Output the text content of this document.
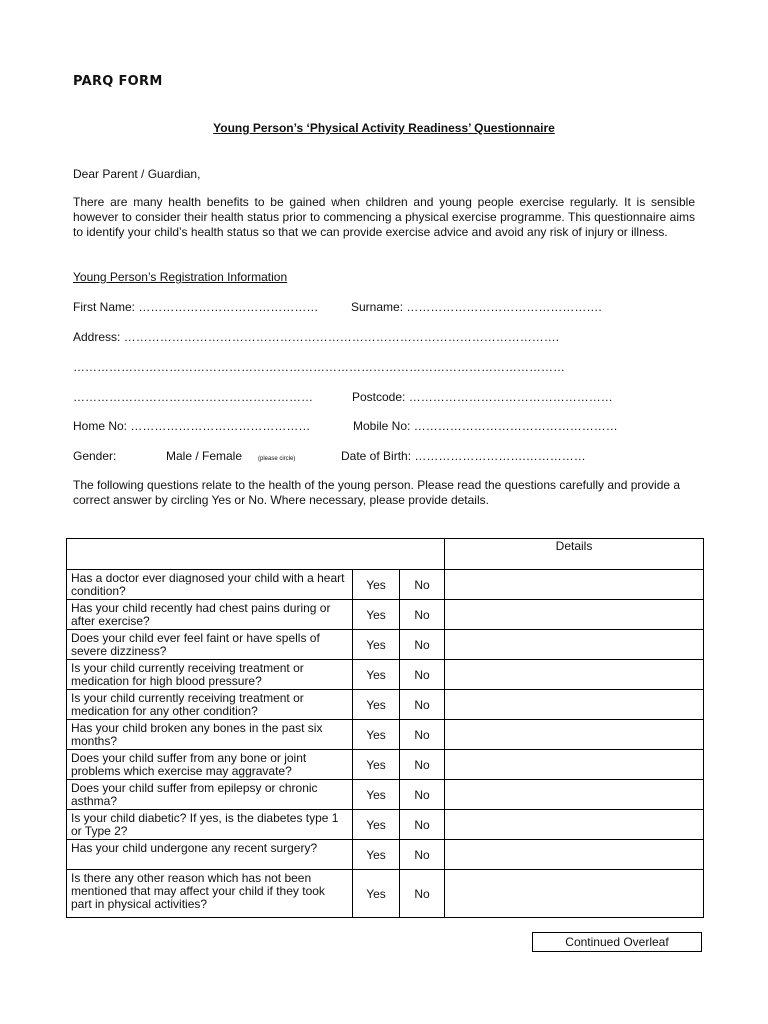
PARQ FORM
Young Person’s ‘Physical Activity Readiness’ Questionnaire
Dear Parent / Guardian,
There are many health benefits to be gained when children and young people exercise regularly. It is sensible however to consider their health status prior to commencing a physical exercise programme. This questionnaire aims to identify your child’s health status so that we can provide exercise advice and avoid any risk of injury or illness.
Young Person’s Registration Information
First Name: ………………………………………	Surname: ………………………………………….
Address: ……………………………………………………………………………………………….
……………………………………………………………………………………………………………
……………………………………………………	Postcode: ……………………………………………
Home No: ………………………………………	Mobile No: ……………………………………………
Gender:	Male / Female	(please circle)	Date of Birth: ……………………….……………
The following questions relate to the health of the young person. Please read the questions carefully and provide a correct answer by circling Yes or No. Where necessary, please provide details.
			Details
Has a doctor ever diagnosed your child with a heart condition?	Yes	No	
Has your child recently had chest pains during or after exercise?	Yes	No	
Does your child ever feel faint or have spells of severe dizziness?	Yes	No	
Is your child currently receiving treatment or medication for high blood pressure?	Yes	No	
Is your child currently receiving treatment or medication for any other condition?	Yes	No	
Has your child broken any bones in the past six months?	Yes	No	
Does your child suffer from any bone or joint problems which exercise may aggravate?	Yes	No	
Does your child suffer from epilepsy or chronic asthma?	Yes	No	
Is your child diabetic? If yes, is the diabetes type 1 or Type 2?	Yes	No	
Has your child undergone any recent surgery?	Yes	No	
Is there any other reason which has not been mentioned that may affect your child if they took part in physical activities?	Yes	No	
Continued Overleaf
